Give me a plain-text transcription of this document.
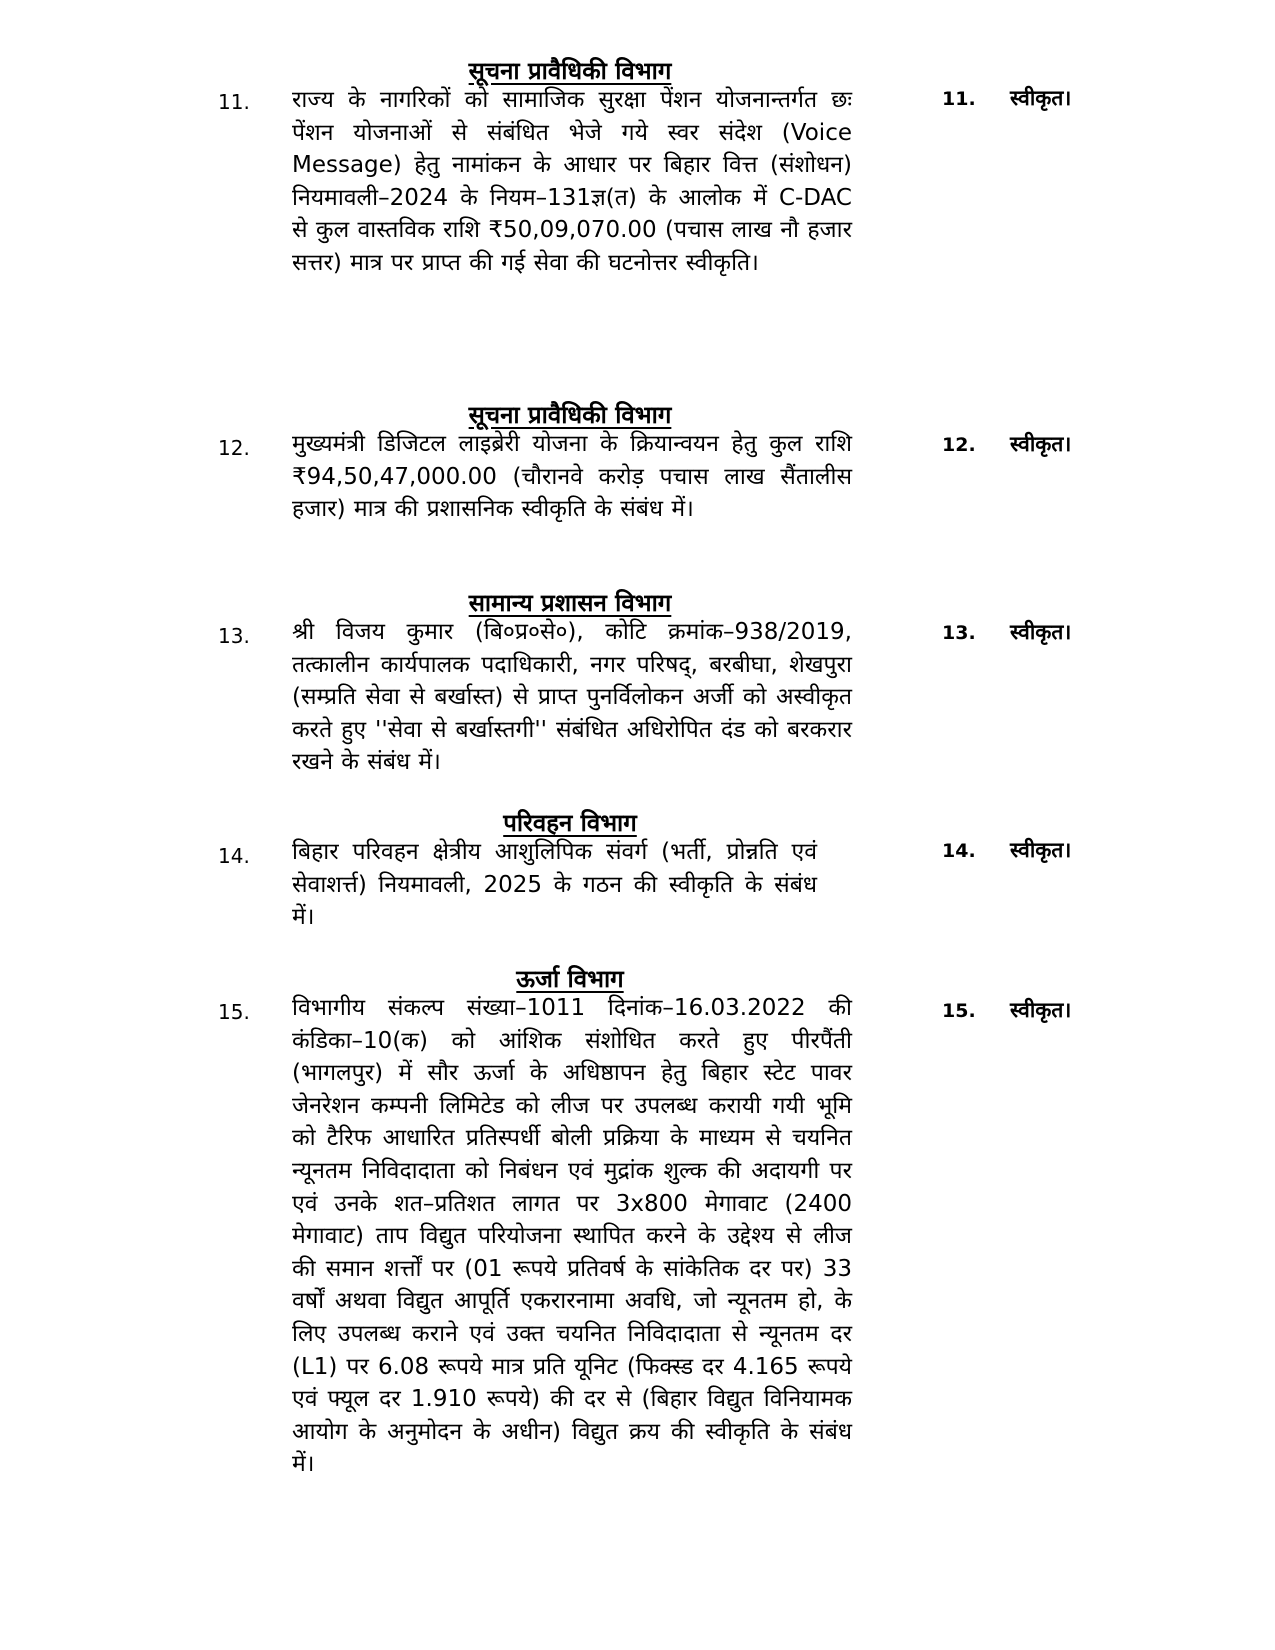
सूचना प्रावैधिकी विभाग
11. राज्य के नागरिकों को सामाजिक सुरक्षा पेंशन योजनान्तर्गत छः पेंशन योजनाओं से संबंधित भेजे गये स्वर संदेश (Voice Message) हेतु नामांकन के आधार पर बिहार वित्त (संशोधन) नियमावली–2024 के नियम–131ज्ञ(त) के आलोक में C-DAC से कुल वास्तविक राशि ₹50,09,070.00 (पचास लाख नौ हजार सत्तर) मात्र पर प्राप्त की गई सेवा की घटनोत्तर स्वीकृति।
11. स्वीकृत।
सूचना प्रावैधिकी विभाग
12. मुख्यमंत्री डिजिटल लाइब्रेरी योजना के क्रियान्वयन हेतु कुल राशि ₹94,50,47,000.00 (चौरानवे करोड़ पचास लाख सैंतालीस हजार) मात्र की प्रशासनिक स्वीकृति के संबंध में।
12. स्वीकृत।
सामान्य प्रशासन विभाग
13. श्री विजय कुमार (बि०प्र०से०), कोटि क्रमांक–938/2019, तत्कालीन कार्यपालक पदाधिकारी, नगर परिषद्, बरबीघा, शेखपुरा (सम्प्रति सेवा से बर्खास्त) से प्राप्त पुनर्विलोकन अर्जी को अस्वीकृत करते हुए ''सेवा से बर्खास्तगी'' संबंधित अधिरोपित दंड को बरकरार रखने के संबंध में।
13. स्वीकृत।
परिवहन विभाग
14. बिहार परिवहन क्षेत्रीय आशुलिपिक संवर्ग (भर्ती, प्रोन्नति एवं सेवाशर्त्त) नियमावली, 2025 के गठन की स्वीकृति के संबंध में।
14. स्वीकृत।
ऊर्जा विभाग
15. विभागीय संकल्प संख्या–1011 दिनांक–16.03.2022 की कंडिका–10(क) को आंशिक संशोधित करते हुए पीरपैंती (भागलपुर) में सौर ऊर्जा के अधिष्ठापन हेतु बिहार स्टेट पावर जेनरेशन कम्पनी लिमिटेड को लीज पर उपलब्ध करायी गयी भूमि को टैरिफ आधारित प्रतिस्पर्धी बोली प्रक्रिया के माध्यम से चयनित न्यूनतम निविदादाता को निबंधन एवं मुद्रांक शुल्क की अदायगी पर एवं उनके शत–प्रतिशत लागत पर 3x800 मेगावाट (2400 मेगावाट) ताप विद्युत परियोजना स्थापित करने के उद्देश्य से लीज की समान शर्त्तों पर (01 रूपये प्रतिवर्ष के सांकेतिक दर पर) 33 वर्षों अथवा विद्युत आपूर्ति एकरारनामा अवधि, जो न्यूनतम हो, के लिए उपलब्ध कराने एवं उक्त चयनित निविदादाता से न्यूनतम दर (L1) पर 6.08 रूपये मात्र प्रति यूनिट (फिक्स्ड दर 4.165 रूपये एवं फ्यूल दर 1.910 रूपये) की दर से (बिहार विद्युत विनियामक आयोग के अनुमोदन के अधीन) विद्युत क्रय की स्वीकृति के संबंध में।
15. स्वीकृत।
